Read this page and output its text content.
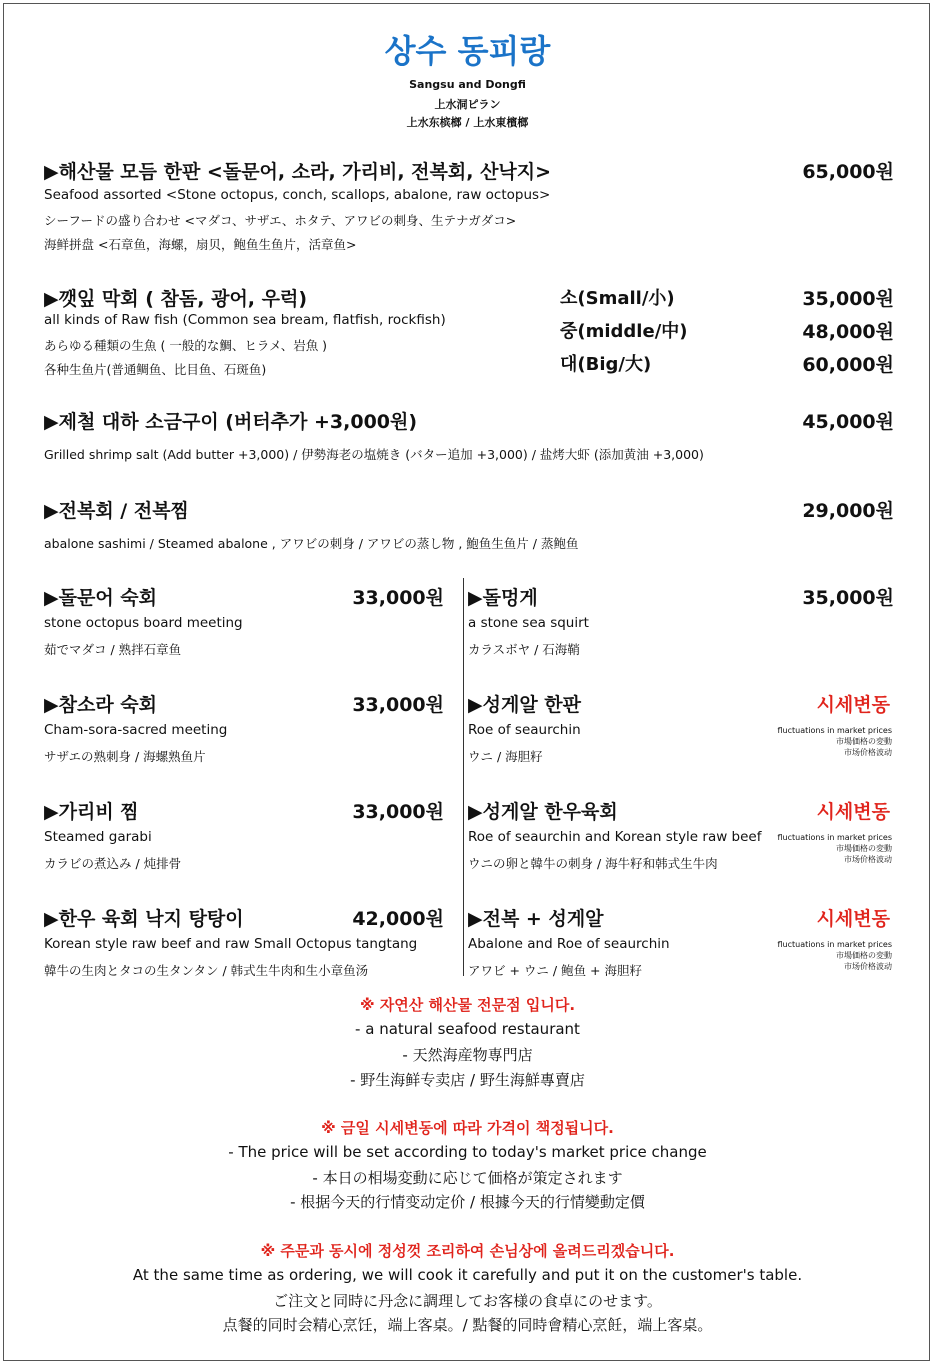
상수 동피랑
Sangsu and Dongfi
上水洞ピラン
上水东槟榔 / 上水東檳榔
▶해산물 모듬 한판 <돌문어, 소라, 가리비, 전복회, 산낙지>	65,000원
Seafood assorted <Stone octopus, conch, scallops, abalone, raw octopus>
シーフードの盛り合わせ <マダコ、サザエ、ホタテ、アワビの刺身、生テナガダコ>
海鲜拼盘 <石章鱼，海螺，扇贝，鲍鱼生鱼片，活章鱼>
▶깻잎 막회 ( 참돔, 광어, 우럭)
all kinds of Raw fish (Common sea bream, flatfish, rockfish)
あらゆる種類の生魚 ( 一般的な鯛、ヒラメ、岩魚 )
各种生鱼片(普通鲷鱼、比目鱼、石斑鱼)
소(Small/小)	35,000원
중(middle/中)	48,000원
대(Big/大)	60,000원
▶제철 대하 소금구이 (버터추가 +3,000원)	45,000원
Grilled shrimp salt (Add butter +3,000) / 伊勢海老の塩焼き (バター追加 +3,000) / 盐烤大虾 (添加黄油 +3,000)
▶전복회 / 전복찜	29,000원
abalone sashimi / Steamed abalone , アワビの刺身 / アワビの蒸し物 , 鮑鱼生鱼片 / 蒸鲍鱼
▶돌문어 숙회	33,000원
stone octopus board meeting
茹でマダコ / 熟拌石章鱼
▶참소라 숙회	33,000원
Cham-sora-sacred meeting
サザエの熟刺身 / 海螺熟鱼片
▶가리비 찜	33,000원
Steamed garabi
カラビの煮込み / 炖排骨
▶한우 육회 낙지 탕탕이	42,000원
Korean style raw beef and raw Small Octopus tangtang
韓牛の生肉とタコの生タンタン / 韩式生牛肉和生小章鱼汤
▶돌멍게	35,000원
a stone sea squirt
カラスボヤ / 石海鞘
▶성게알 한판	시세변동
Roe of seaurchin
ウニ / 海胆籽
fluctuations in market prices
市場価格の変動
市场价格波动
▶성게알 한우육회	시세변동
Roe of seaurchin and Korean style raw beef
ウニの卵と韓牛の刺身 / 海牛籽和韩式生牛肉
fluctuations in market prices
市場価格の変動
市场价格波动
▶전복 + 성게알	시세변동
Abalone and Roe of seaurchin
アワビ + ウニ / 鲍鱼 + 海胆籽
fluctuations in market prices
市場価格の変動
市场价格波动
※ 자연산 해산물 전문점 입니다.
- a natural seafood restaurant
- 天然海産物専門店
- 野生海鲜专卖店 / 野生海鮮專賣店
※ 금일 시세변동에 따라 가격이 책정됩니다.
- The price will be set according to today's market price change
- 本日の相場変動に応じて価格が策定されます
- 根据今天的行情变动定价 / 根據今天的行情變動定價
※ 주문과 동시에 정성껏 조리하여 손님상에 올려드리겠습니다.
At the same time as ordering, we will cook it carefully and put it on the customer's table.
ご注文と同時に丹念に調理してお客様の食卓にのせます。
点餐的同时会精心烹饪，端上客桌。/ 點餐的同時會精心烹飪，端上客桌。
